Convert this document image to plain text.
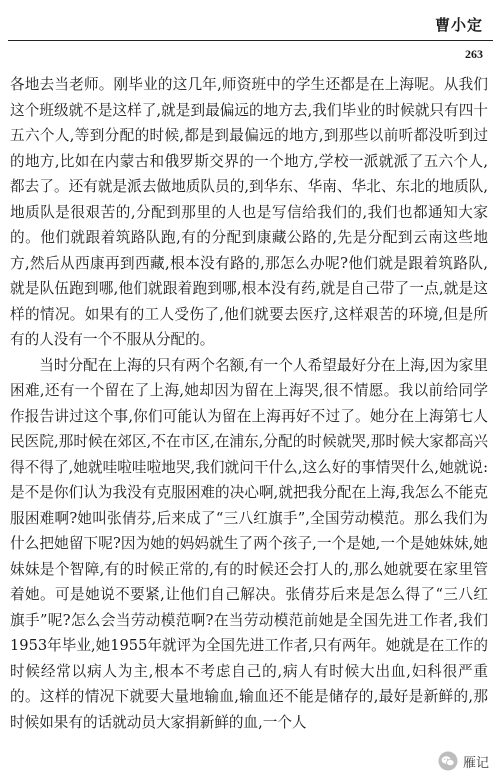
曹小定
263

各地去当老师。刚毕业的这几年,师资班中的学生还都是在上海呢。从我们这个班级就不是这样了,就是到最偏远的地方去,我们毕业的时候就只有四十五六个人,等到分配的时候,都是到最偏远的地方,到那些以前听都没听到过的地方,比如在内蒙古和俄罗斯交界的一个地方,学校一派就派了五六个人,都去了。还有就是派去做地质队员的,到华东、华南、华北、东北的地质队,地质队是很艰苦的,分配到那里的人也是写信给我们的,我们也都通知大家的。他们就跟着筑路队跑,有的分配到康藏公路的,先是分配到云南这些地方,然后从西康再到西藏,根本没有路的,那怎么办呢?他们就是跟着筑路队,就是队伍跑到哪,他们就跟着跑到哪,根本没有药,就是自己带了一点,就是这样的情况。如果有的工人受伤了,他们就要去医疗,这样艰苦的环境,但是所有的人没有一个不服从分配的。

当时分配在上海的只有两个名额,有一个人希望最好分在上海,因为家里困难,还有一个留在了上海,她却因为留在上海哭,很不情愿。我以前给同学作报告讲过这个事,你们可能认为留在上海再好不过了。她分在上海第七人民医院,那时候在郊区,不在市区,在浦东,分配的时候就哭,那时候大家都高兴得不得了,她就哇啦哇啦地哭,我们就问干什么,这么好的事情哭什么,她就说:是不是你们认为我没有克服困难的决心啊,就把我分配在上海,我怎么不能克服困难啊?她叫张倩芬,后来成了“三八红旗手”,全国劳动模范。那么我们为什么把她留下呢?因为她的妈妈就生了两个孩子,一个是她,一个是她妹妹,她妹妹是个智障,有的时候正常的,有的时候还会打人的,那么她就要在家里管着她。可是她说不要紧,让他们自己解决。张倩芬后来是怎么得了“三八红旗手”呢?怎么会当劳动模范啊?在当劳动模范前她是全国先进工作者,我们1953年毕业,她1955年就评为全国先进工作者,只有两年。她就是在工作的时候经常以病人为主,根本不考虑自己的,病人有时候大出血,妇科很严重的。这样的情况下就要大量地输血,输血还不能是储存的,最好是新鲜的,那时候如果有的话就动员大家捐新鲜的血,一个人

雁记
